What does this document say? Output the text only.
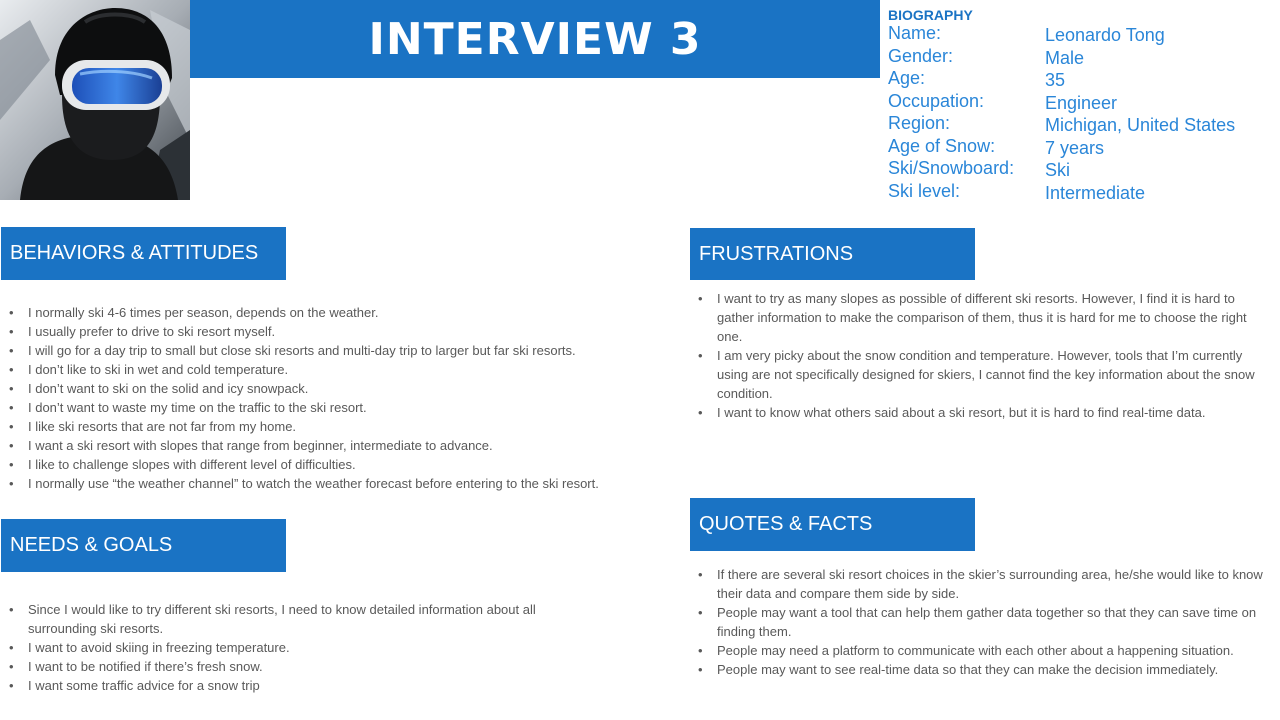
INTERVIEW 3	BIOGRAPHY
Name:	Leonardo Tong
Gender:	Male
Age:	35
Occupation:	Engineer
Region:	Michigan, United States
Age of Snow:	7 years
Ski/Snowboard: Ski
Ski level:	Intermediate
BEHAVIORS & ATTITUDES
• I normally ski 4-6 times per season, depends on the weather.
• I usually prefer to drive to ski resort myself.
• I will go for a day trip to small but close ski resorts and multi-day trip to larger but far ski resorts.
• I don’t like to ski in wet and cold temperature.
• I don’t want to ski on the solid and icy snowpack.
• I don’t want to waste my time on the traffic to the ski resort.
• I like ski resorts that are not far from my home.
• I want a ski resort with slopes that range from beginner, intermediate to advance.
• I like to challenge slopes with different level of difficulties.
• I normally use “the weather channel” to watch the weather forecast before entering to the ski resort.
NEEDS & GOALS
• Since I would like to try different ski resorts, I need to know detailed information about all surrounding ski resorts.
• I want to avoid skiing in freezing temperature.
• I want to be notified if there’s fresh snow.
• I want some traffic advice for a snow trip
FRUSTRATIONS
• I want to try as many slopes as possible of different ski resorts. However, I find it is hard to gather information to make the comparison of them, thus it is hard for me to choose the right one.
• I am very picky about the snow condition and temperature. However, tools that I’m currently using are not specifically designed for skiers, I cannot find the key information about the snow condition.
• I want to know what others said about a ski resort, but it is hard to find real-time data.
QUOTES & FACTS
• If there are several ski resort choices in the skier’s surrounding area, he/she would like to know their data and compare them side by side.
• People may want a tool that can help them gather data together so that they can save time on finding them.
• People may need a platform to communicate with each other about a happening situation.
• People may want to see real-time data so that they can make the decision immediately.
